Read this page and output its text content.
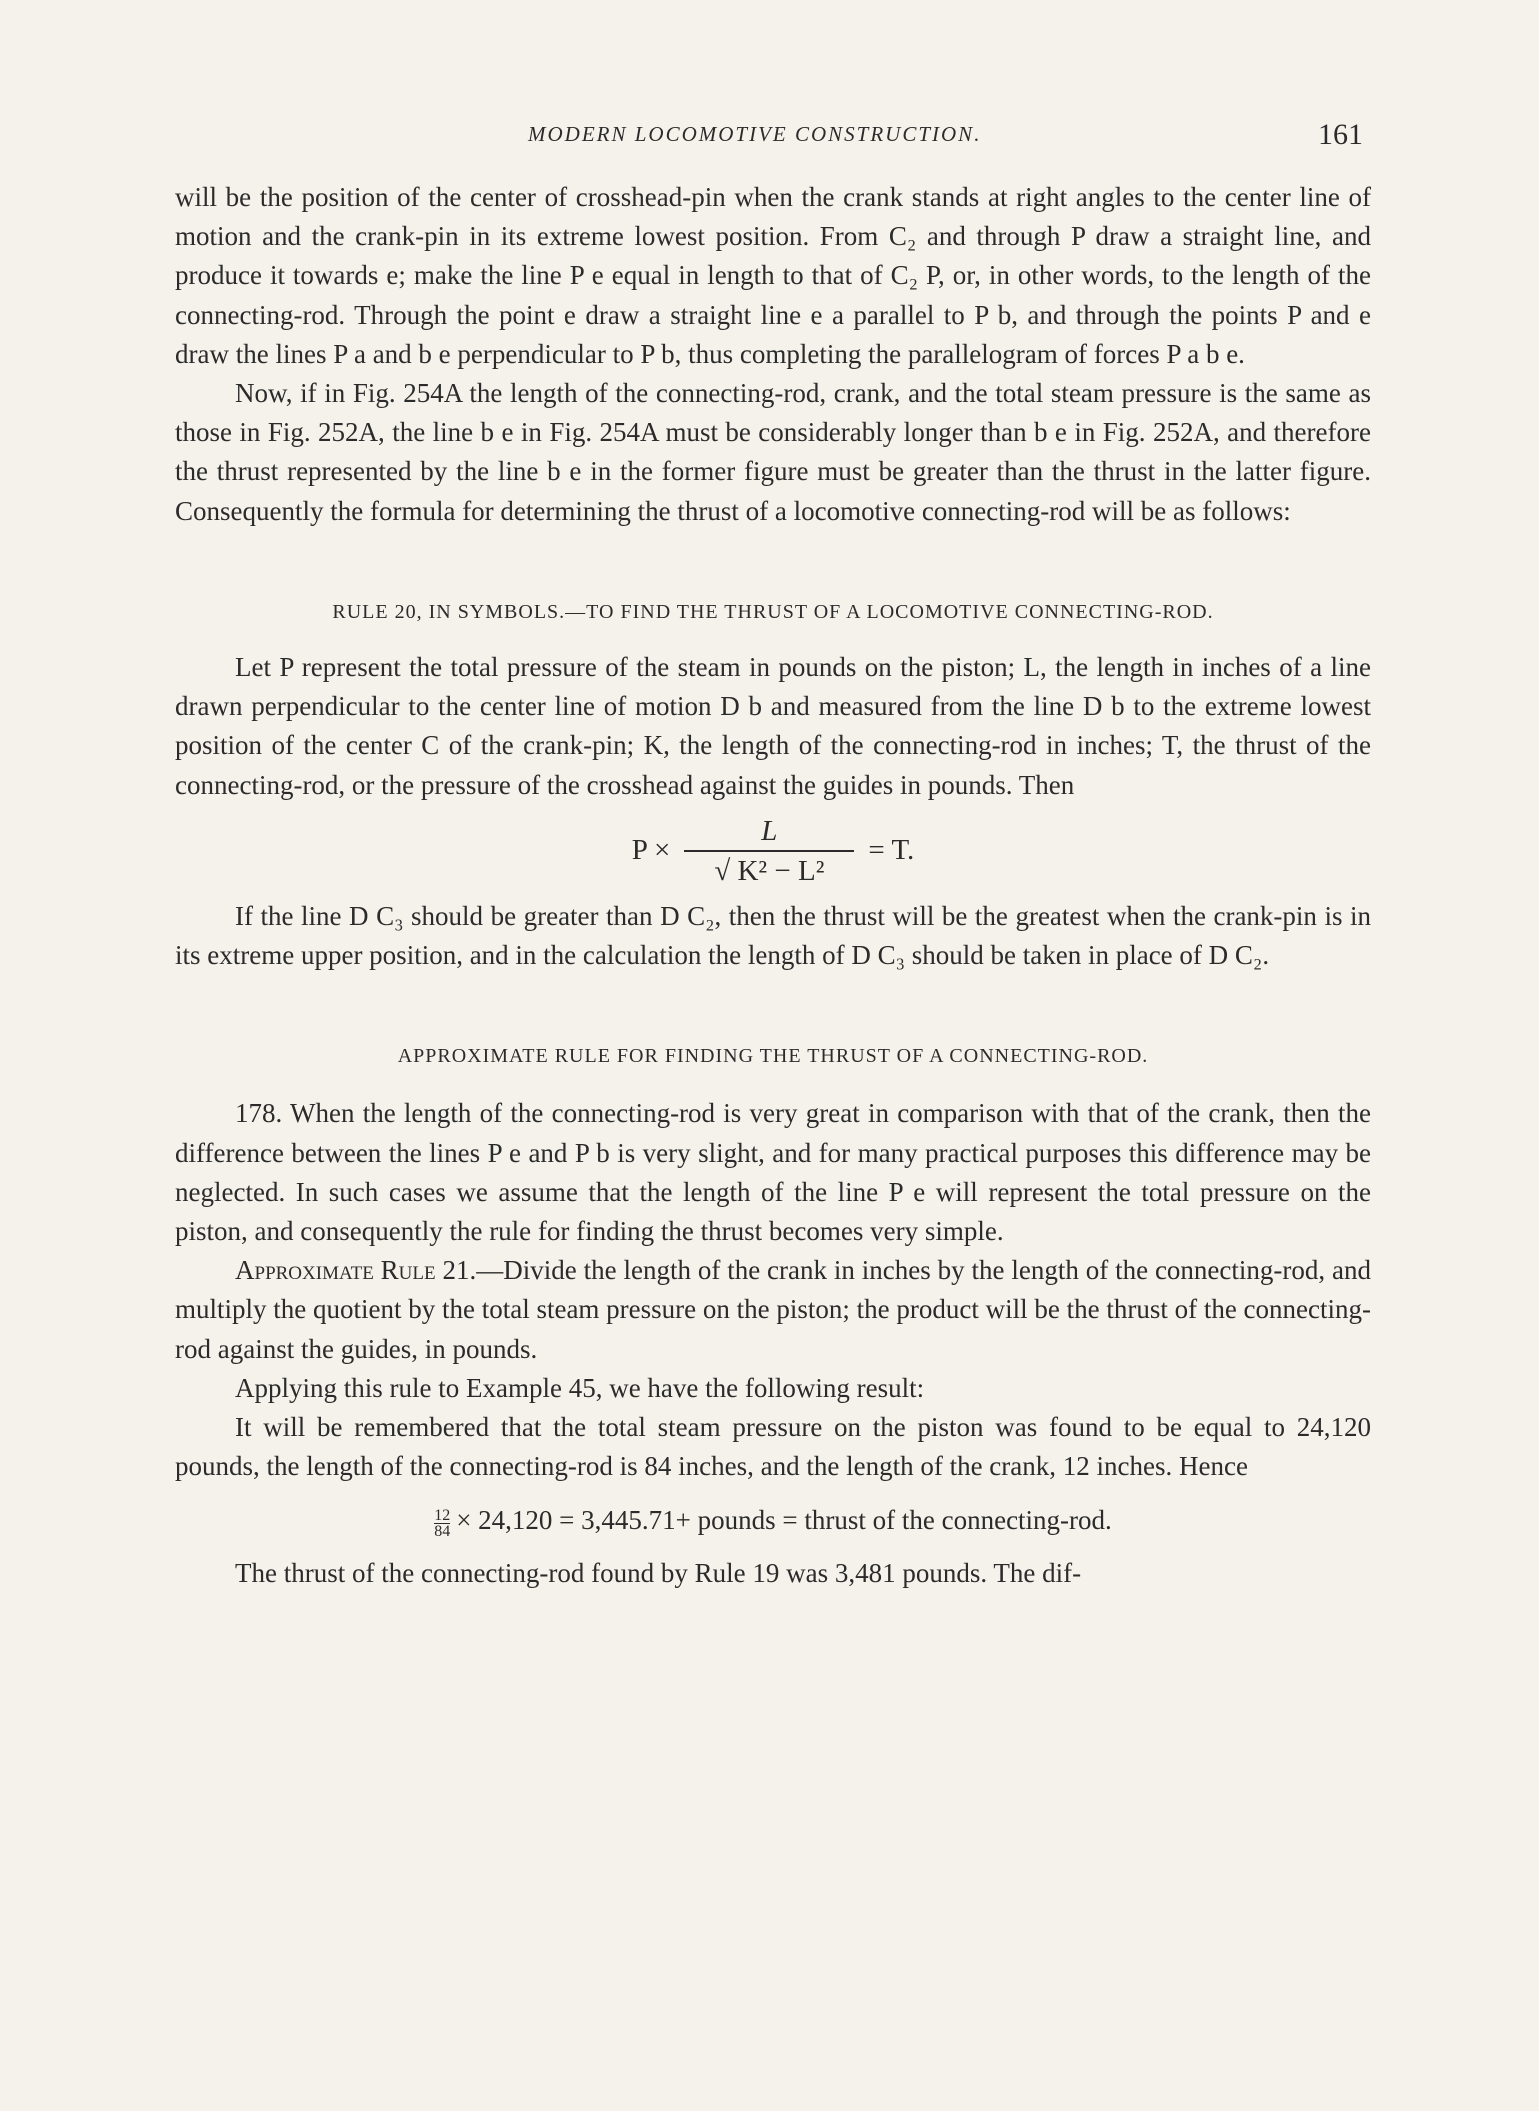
MODERN LOCOMOTIVE CONSTRUCTION.	161

will be the position of the center of crosshead-pin when the crank stands at right angles to the center line of motion and the crank-pin in its extreme lowest position. From C₂ and through P draw a straight line, and produce it towards e; make the line P e equal in length to that of C₂ P, or, in other words, to the length of the connecting-rod. Through the point e draw a straight line e a parallel to P b, and through the points P and e draw the lines P a and b e perpendicular to P b, thus completing the parallelogram of forces P a b e.

Now, if in Fig. 254A the length of the connecting-rod, crank, and the total steam pressure is the same as those in Fig. 252A, the line b e in Fig. 254A must be considerably longer than b e in Fig. 252A, and therefore the thrust represented by the line b e in the former figure must be greater than the thrust in the latter figure. Consequently the formula for determining the thrust of a locomotive connecting-rod will be as follows:

RULE 20, IN SYMBOLS.—TO FIND THE THRUST OF A LOCOMOTIVE CONNECTING-ROD.

Let P represent the total pressure of the steam in pounds on the piston; L, the length in inches of a line drawn perpendicular to the center line of motion D b and measured from the line D b to the extreme lowest position of the center C of the crank-pin; K, the length of the connecting-rod in inches; T, the thrust of the connecting-rod, or the pressure of the crosshead against the guides in pounds. Then

$P \times \frac{L}{\text{√ K² − L²}} = T$.

If the line D C₃ should be greater than D C₂, then the thrust will be the greatest when the crank-pin is in its extreme upper position, and in the calculation the length of D C₃ should be taken in place of D C₂.

APPROXIMATE RULE FOR FINDING THE THRUST OF A CONNECTING-ROD.

178. When the length of the connecting-rod is very great in comparison with that of the crank, then the difference between the lines P e and P b is very slight, and for many practical purposes this difference may be neglected. In such cases we assume that the length of the line P e will represent the total pressure on the piston, and consequently the rule for finding the thrust becomes very simple.

Approximate Rule 21.—Divide the length of the crank in inches by the length of the connecting-rod, and multiply the quotient by the total steam pressure on the piston; the product will be the thrust of the connecting-rod against the guides, in pounds.

Applying this rule to Example 45, we have the following result:

It will be remembered that the total steam pressure on the piston was found to be equal to 24,120 pounds, the length of the connecting-rod is 84 inches, and the length of the crank, 12 inches. Hence

$\frac{12}{84} \times 24,120 = 3,445.71+$ pounds = thrust of the connecting-rod.

The thrust of the connecting-rod found by Rule 19 was 3,481 pounds. The dif-
